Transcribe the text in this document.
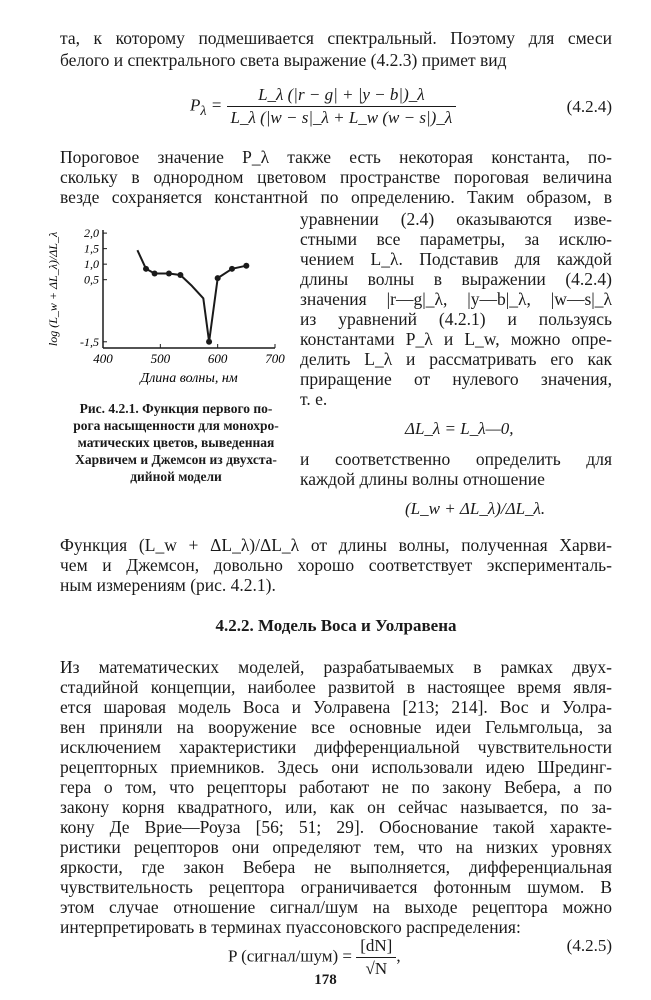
та, к которому подмешивается спектральный. Поэтому для смеси
белого и спектрального света выражение (4.2.3) примет вид
$P_\lambda = \frac{L\_\lambda (|r - g| + |y - b|)\_\lambda}{L\_\lambda (|w - s|\_\lambda + L\_w (w - s|)\_\lambda}$	(4.2.4)
Пороговое значение P_λ также есть некоторая константа, по-
скольку в однородном цветовом пространстве пороговая величина
везде сохраняется константной по определению. Таким образом, в
400	500	600	700
2,0
1,5
1,0
0,5
-1,5
Длина волны, нм
log (L_w + ΔL_λ)/ΔL_λ
Рис. 4.2.1. Функция первого по-
рога насыщенности для монохро-
матических цветов, выведенная
Харвичем и Джемсон из двухста-
дийной модели
уравнении (2.4) оказываются изве-
стными все параметры, за исклю-
чением L_λ. Подставив для каждой
длины волны в выражении (4.2.4)
значения |r—g|_λ, |y—b|_λ, |w—s|_λ
из уравнений (4.2.1) и пользуясь
константами P_λ и L_w, можно опре-
делить L_λ и рассматривать его как
приращение от нулевого значения,
т. е.
ΔL_λ = L_λ—0,
и соответственно определить для
каждой длины волны отношение
(L_w + ΔL_λ)/ΔL_λ.
Функция (L_w + ΔL_λ)/ΔL_λ от длины волны, полученная Харви-
чем и Джемсон, довольно хорошо соответствует эксперименталь-
ным измерениям (рис. 4.2.1).
4.2.2. Модель Воса и Уолравена
Из математических моделей, разрабатываемых в рамках двух-
стадийной концепции, наиболее развитой в настоящее время явля-
ется шаровая модель Воса и Уолравена [213; 214]. Вос и Уолра-
вен приняли на вооружение все основные идеи Гельмгольца, за
исключением характеристики дифференциальной чувствительности
рецепторных приемников. Здесь они использовали идею Шрединг-
гера о том, что рецепторы работают не по закону Вебера, а по
закону корня квадратного, или, как он сейчас называется, по за-
кону Де Врие—Роуза [56; 51; 29]. Обоснование такой характе-
ристики рецепторов они определяют тем, что на низких уровнях
яркости, где закон Вебера не выполняется, дифференциальная
чувствительность рецептора ограничивается фотонным шумом. В
этом случае отношение сигнал/шум на выходе рецептора можно
интерпретировать в терминах пуассоновского распределения:
178
P (сигнал/шум) = $\frac{[dN]}{√N}$ ,
(4.2.5)
